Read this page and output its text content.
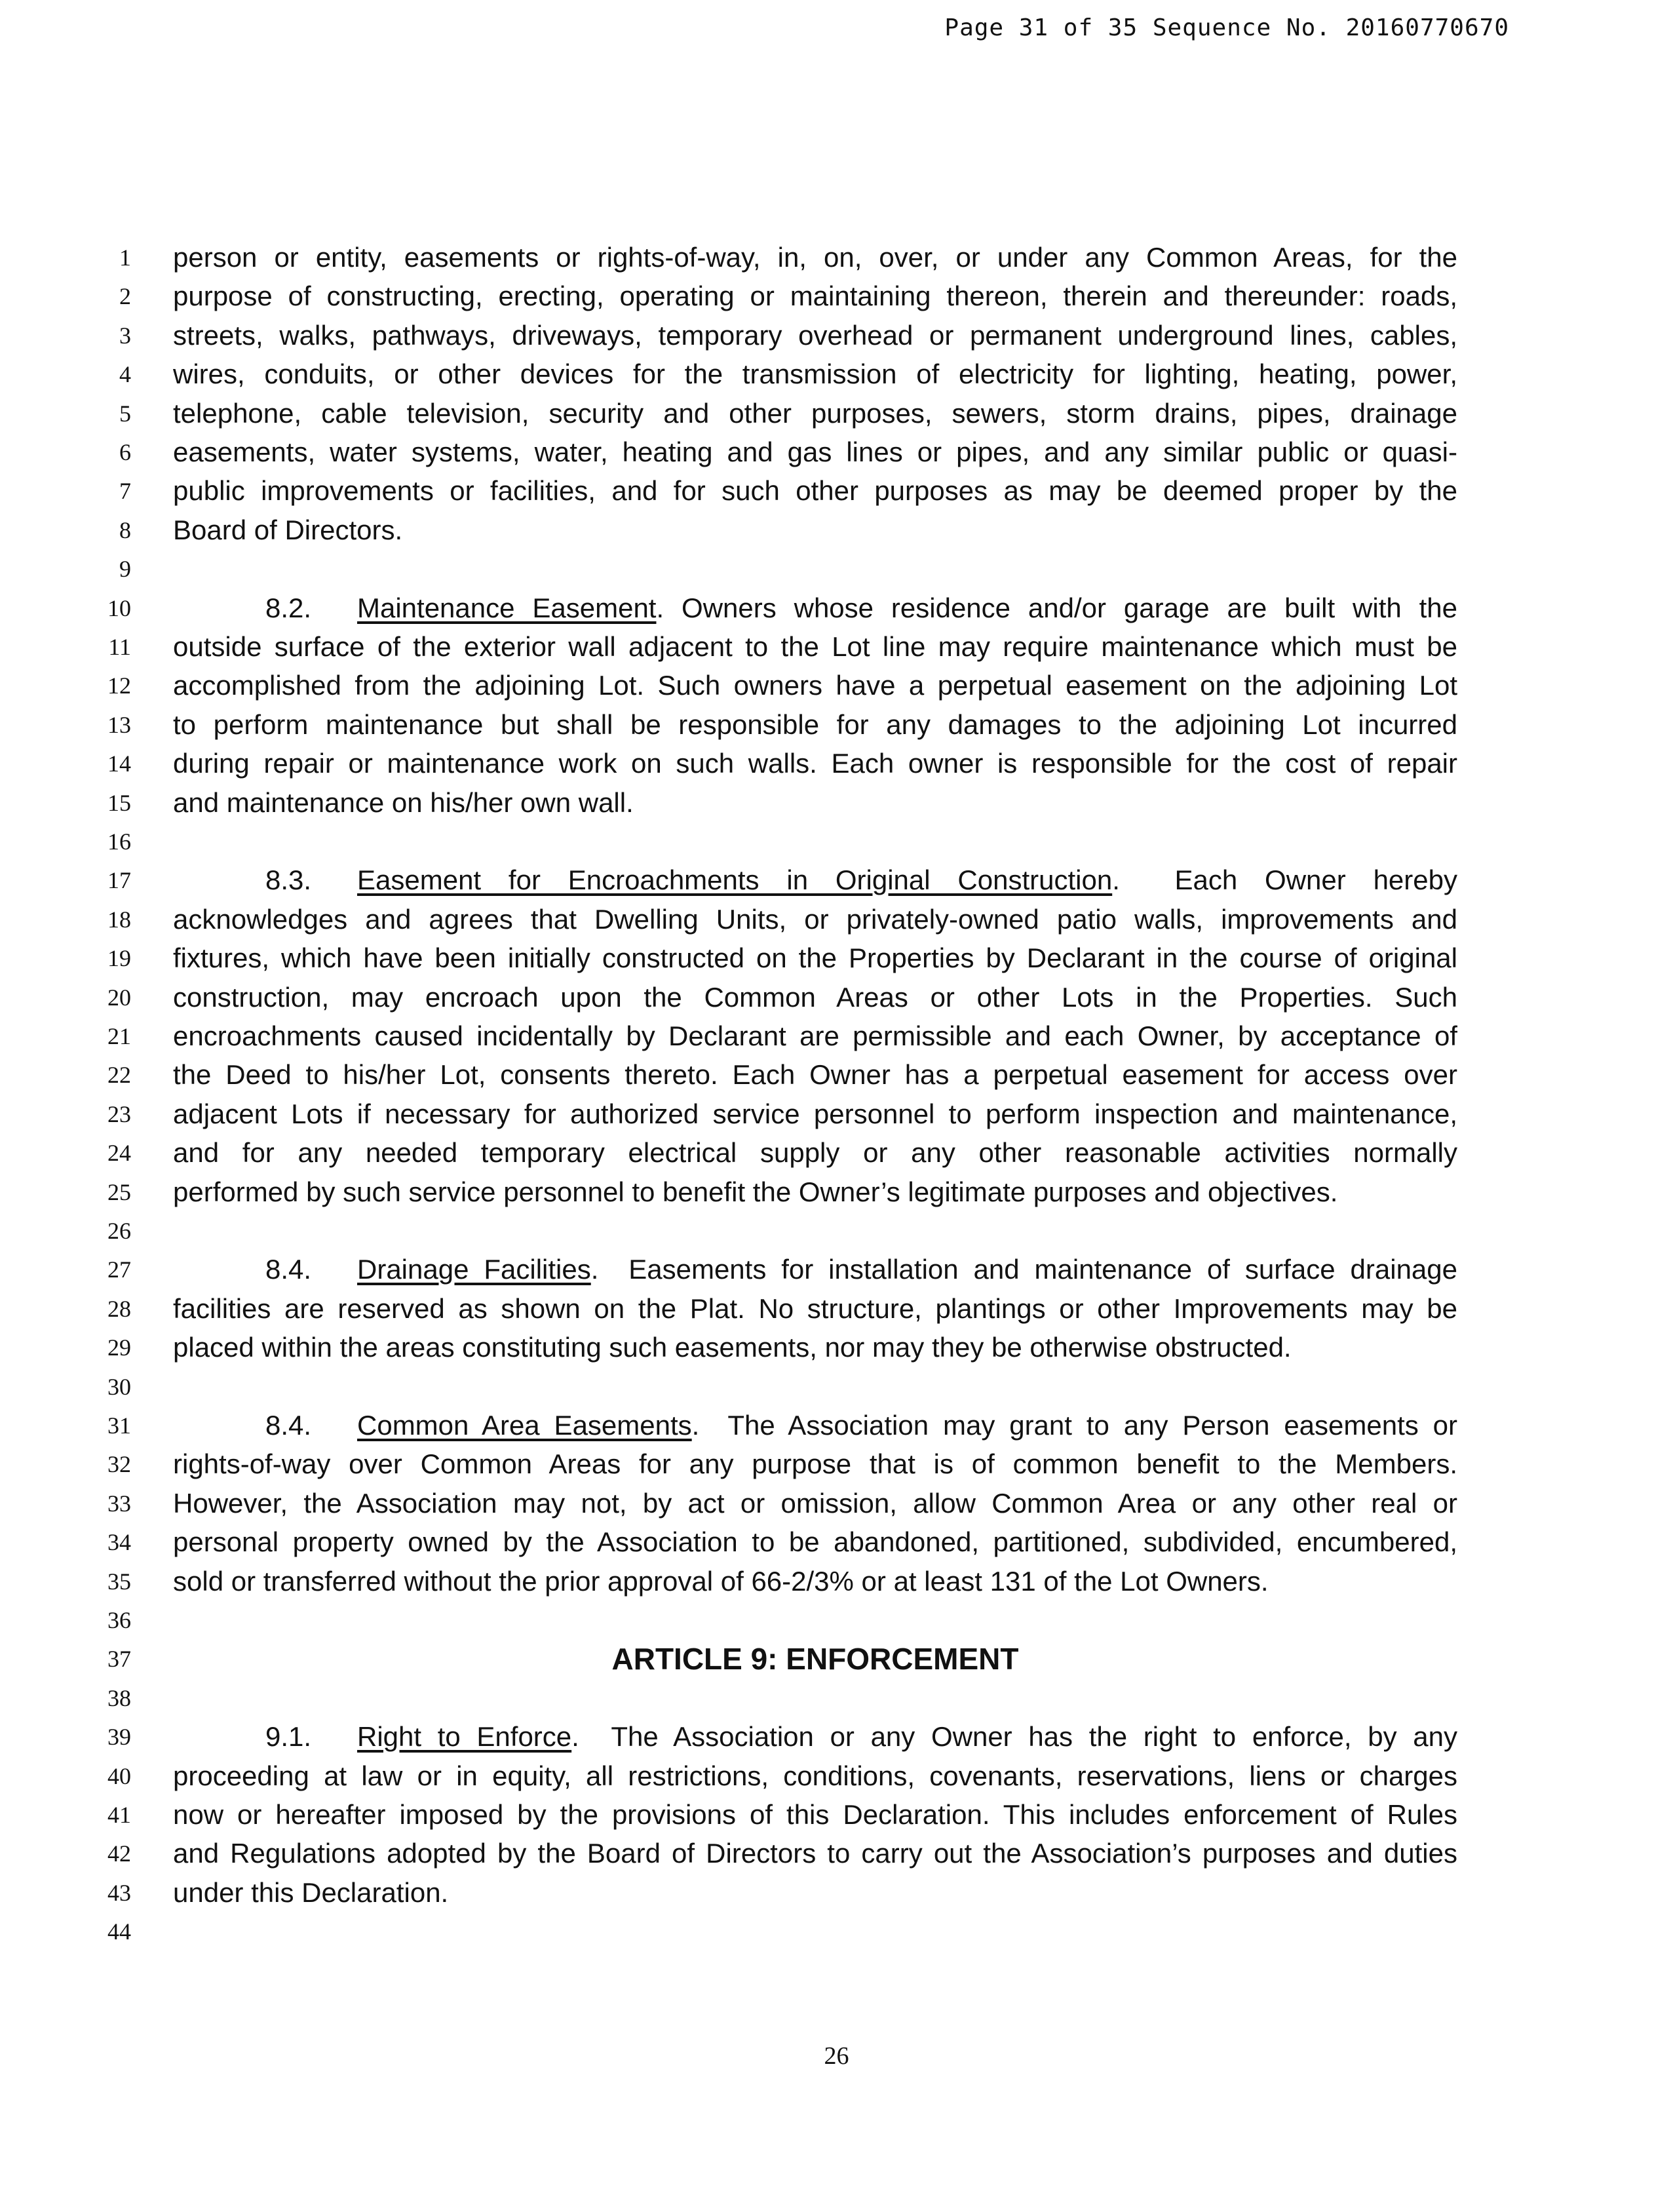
Page 31 of 35 Sequence No. 20160770670
1 person or entity, easements or rights-of-way, in, on, over, or under any Common Areas, for the
2 purpose of constructing, erecting, operating or maintaining thereon, therein and thereunder: roads,
3 streets, walks, pathways, driveways, temporary overhead or permanent underground lines, cables,
4 wires, conduits, or other devices for the transmission of electricity for lighting, heating, power,
5 telephone, cable television, security and other purposes, sewers, storm drains, pipes, drainage
6 easements, water systems, water, heating and gas lines or pipes, and any similar public or quasi-
7 public improvements or facilities, and for such other purposes as may be deemed proper by the
8 Board of Directors.
9
10	8.2. Maintenance Easement. Owners whose residence and/or garage are built with the
11 outside surface of the exterior wall adjacent to the Lot line may require maintenance which must be
12 accomplished from the adjoining Lot. Such owners have a perpetual easement on the adjoining Lot
13 to perform maintenance but shall be responsible for any damages to the adjoining Lot incurred
14 during repair or maintenance work on such walls. Each owner is responsible for the cost of repair
15 and maintenance on his/her own wall.
16
17	8.3. Easement for Encroachments in Original Construction.  Each Owner hereby
18 acknowledges and agrees that Dwelling Units, or privately-owned patio walls, improvements and
19 fixtures, which have been initially constructed on the Properties by Declarant in the course of original
20 construction, may encroach upon the Common Areas or other Lots in the Properties. Such
21 encroachments caused incidentally by Declarant are permissible and each Owner, by acceptance of
22 the Deed to his/her Lot, consents thereto. Each Owner has a perpetual easement for access over
23 adjacent Lots if necessary for authorized service personnel to perform inspection and maintenance,
24 and for any needed temporary electrical supply or any other reasonable activities normally
25 performed by such service personnel to benefit the Owner’s legitimate purposes and objectives.
26
27	8.4. Drainage Facilities.  Easements for installation and maintenance of surface drainage
28 facilities are reserved as shown on the Plat. No structure, plantings or other Improvements may be
29 placed within the areas constituting such easements, nor may they be otherwise obstructed.
30
31	8.4. Common Area Easements.  The Association may grant to any Person easements or
32 rights-of-way over Common Areas for any purpose that is of common benefit to the Members.
33 However, the Association may not, by act or omission, allow Common Area or any other real or
34 personal property owned by the Association to be abandoned, partitioned, subdivided, encumbered,
35 sold or transferred without the prior approval of 66-2/3% or at least 131 of the Lot Owners.
36
37	ARTICLE 9: ENFORCEMENT
38
39	9.1. Right to Enforce.  The Association or any Owner has the right to enforce, by any
40 proceeding at law or in equity, all restrictions, conditions, covenants, reservations, liens or charges
41 now or hereafter imposed by the provisions of this Declaration. This includes enforcement of Rules
42 and Regulations adopted by the Board of Directors to carry out the Association’s purposes and duties
43 under this Declaration.
44
26
